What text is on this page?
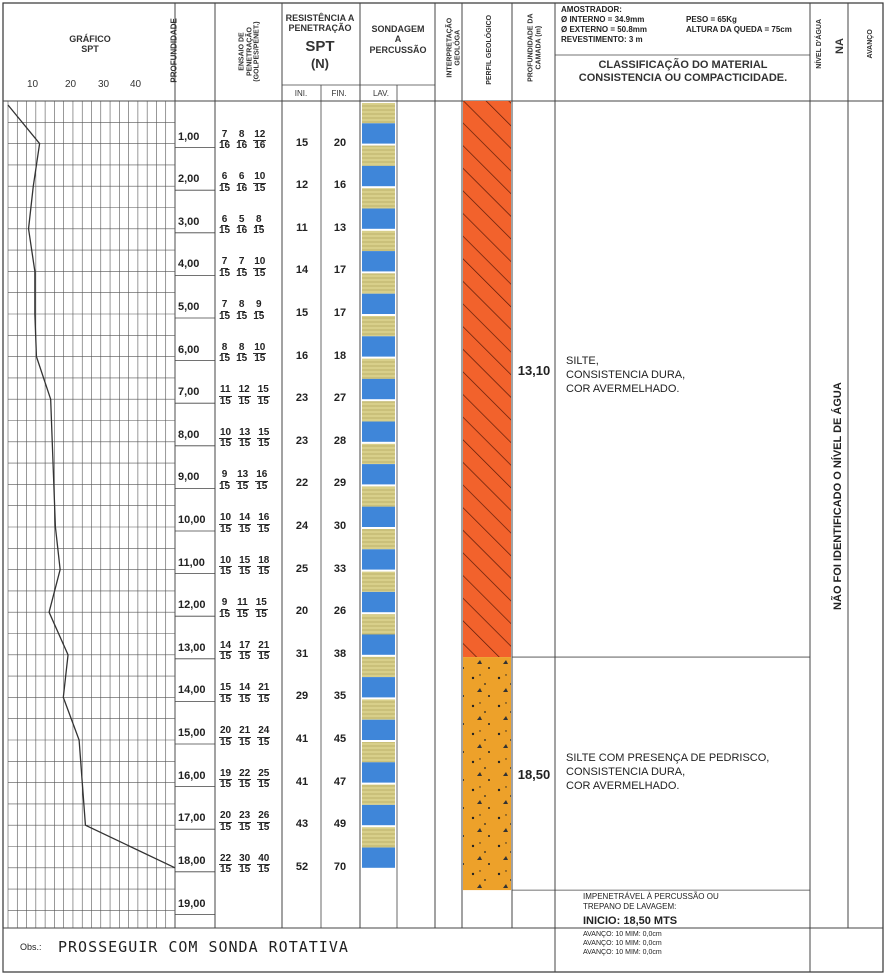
GRÁFICO
SPT
10	20 30 40
PROFUNDIDADE	ENSAIO DE
PENETRAÇÃO
(GOLPES/PENET.)
RESISTÊNCIA A
PENETRAÇÃO
SPT
(N)
INI.	FIN.
SONDAGEM
A
PERCUSSÃO
LAV.
INTERPRETAÇÃO
GEOLÓGA	PERFIL GEOLÓGICO	PROFUNDIDADE DA
CAMADA (m)
AMOSTRADOR:
Ø INTERNO = 34.9mm
Ø EXTERNO = 50.8mm
REVESTIMENTO: 3 m
PESO = 65Kg
ALTURA DA QUEDA = 75cm
CLASSIFICAÇÃO DO MATERIAL
CONSISTENCIA OU COMPACTICIDADE.
NÍVEL D'ÁGUA NA	AVANÇO
$1,00 \frac{7}{16} \frac{8}{16} \frac{12}{16}$	15	20
$2,00 \frac{6}{15} \frac{6}{16} \frac{10}{15}$	12	16
$3,00 \frac{6}{15} \frac{5}{16} \frac{8}{15}$	11	13
$4,00 \frac{7}{15} \frac{7}{15} \frac{10}{15}$	14	17
$5,00 \frac{7}{15} \frac{8}{15} \frac{9}{15}$	15	17
$6,00 \frac{8}{15} \frac{8}{15} \frac{10}{15}$	16	18
$7,00 \frac{11}{15} \frac{12}{15} \frac{15}{15}$	23	27
$8,00 \frac{10}{15} \frac{13}{15} \frac{15}{15}$	23	28
$9,00 \frac{9}{15} \frac{13}{15} \frac{16}{15}$	22	29
$10,00 \frac{10}{15} \frac{14}{15} \frac{16}{15}$	24	30
$11,00 \frac{10}{15} \frac{15}{15} \frac{18}{15}$	25	33
$12,00 \frac{9}{15} \frac{11}{15} \frac{15}{15}$	20	26
$13,00 \frac{14}{15} \frac{17}{15} \frac{21}{15}$	31	38
$14,00 \frac{15}{15} \frac{14}{15} \frac{21}{15}$	29	35
$15,00 \frac{20}{15} \frac{21}{15} \frac{24}{15}$	41	45
$16,00 \frac{19}{15} \frac{22}{15} \frac{25}{15}$	41	47
$17,00 \frac{20}{15} \frac{23}{15} \frac{26}{15}$	43	49
$18,00 \frac{22}{15} \frac{30}{15} \frac{40}{15}$	52	70
19,00
13,10
SILTE,
CONSISTENCIA DURA,
COR AVERMELHADO.
18,50
SILTE COM PRESENÇA DE PEDRISCO,
CONSISTENCIA DURA,
COR AVERMELHADO.
NÃO FOI IDENTIFICADO O NÍVEL DE ÁGUA
IMPENETRÁVEL À PERCUSSÃO OU
TREPANO DE LAVAGEM:
INICIO: 18,50 MTS
AVANÇO: 10 MIM: 0,0cm
AVANÇO: 10 MIM: 0,0cm
AVANÇO: 10 MIM: 0,0cm
Obs.: PROSSEGUIR COM SONDA ROTATIVA
